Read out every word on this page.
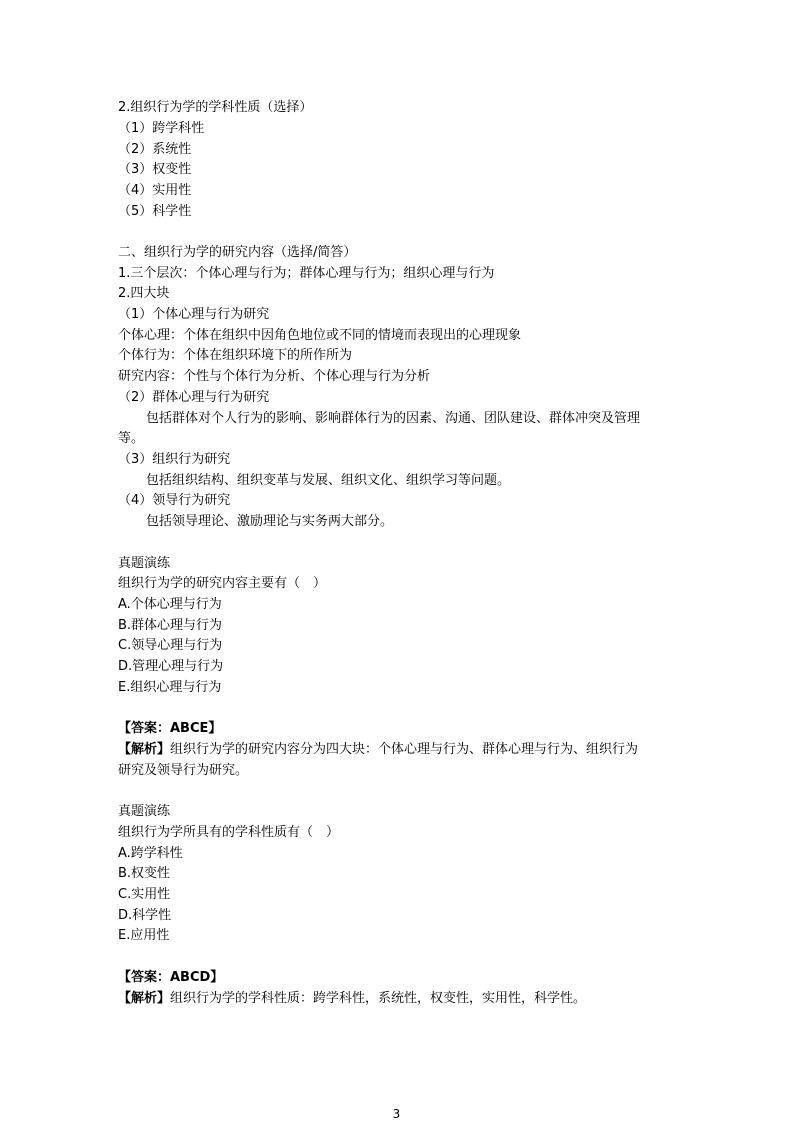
2.组织行为学的学科性质（选择）
（1）跨学科性
（2）系统性
（3）权变性
（4）实用性
（5）科学性
二、组织行为学的研究内容（选择/简答）
1.三个层次：个体心理与行为；群体心理与行为；组织心理与行为
2.四大块
（1）个体心理与行为研究
个体心理：个体在组织中因角色地位或不同的情境而表现出的心理现象
个体行为：个体在组织环境下的所作所为
研究内容：个性与个体行为分析、个体心理与行为分析
（2）群体心理与行为研究
包括群体对个人行为的影响、影响群体行为的因素、沟通、团队建设、群体冲突及管理
等。
（3）组织行为研究
包括组织结构、组织变革与发展、组织文化、组织学习等问题。
（4）领导行为研究
包括领导理论、激励理论与实务两大部分。
真题演练
组织行为学的研究内容主要有（　）
A.个体心理与行为
B.群体心理与行为
C.领导心理与行为
D.管理心理与行为
E.组织心理与行为
【答案：ABCE】
【解析】组织行为学的研究内容分为四大块：个体心理与行为、群体心理与行为、组织行为
研究及领导行为研究。
真题演练
组织行为学所具有的学科性质有（　）
A.跨学科性
B.权变性
C.实用性
D.科学性
E.应用性
【答案：ABCD】
【解析】组织行为学的学科性质：跨学科性，系统性，权变性，实用性，科学性。
3
